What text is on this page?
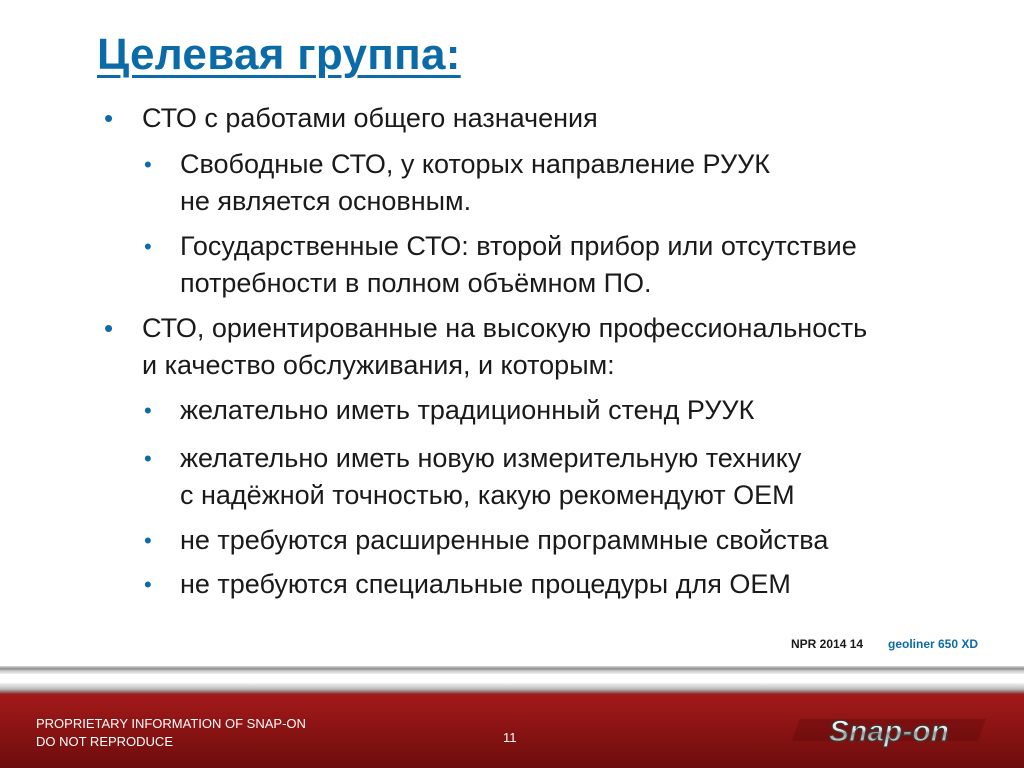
Целевая группа:
• СТО с работами общего назначения
• Свободные СТО, у которых направление РУУК
не является основным.
• Государственные СТО: второй прибор или отсутствие
потребности в полном объёмном ПО.
• СТО, ориентированные на высокую профессиональность
и качество обслуживания, и которым:
• желательно иметь традиционный стенд РУУК
• желательно иметь новую измерительную технику
с надёжной точностью, какую рекомендуют OEM
• не требуются расширенные программные свойства
• не требуются специальные процедуры для OEM
NPR 2014 14 geoliner 650 XD
PROPRIETARY INFORMATION OF SNAP-ON
DO NOT REPRODUCE	11	Snap-on
